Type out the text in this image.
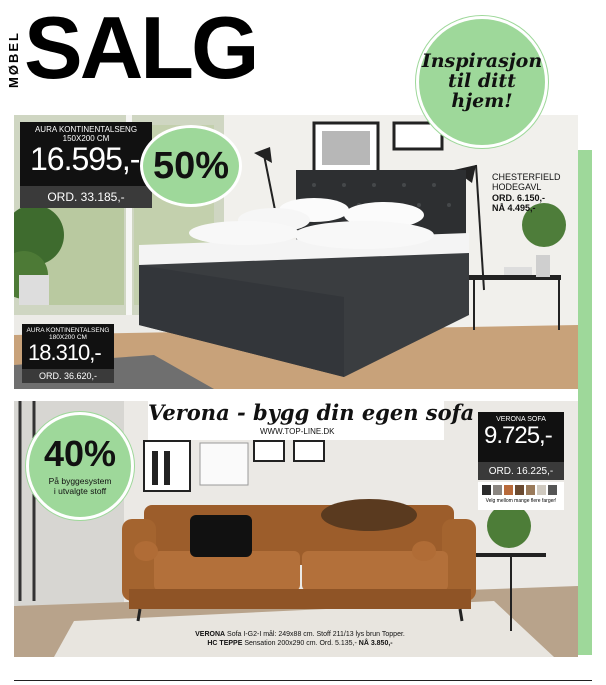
MØBEL SALG	Inspirasjon til ditt hjem!
AURA KONTINENTALSENG
150X200 CM
16.595,-
ORD. 33.185,-
50%
AURA KONTINENTALSENG
180X200 CM
18.310,-
ORD. 36.620,-
CHESTERFIELD
HODEGAVL
ORD. 6.150,-
NÅ 4.495,-
Verona - bygg din egen sofa
WWW.TOP-LINE.DK
40%
På byggesystem
i utvalgte stoff
VERONA SOFA
9.725,-
ORD. 16.225,-
Velg mellom mange flere farger!
VERONA Sofa I-G2-I mål: 249x88 cm. Stoff 211/13 lys brun Topper.
HC TEPPE Sensation 200x290 cm. Ord. 5.135,- NÅ 3.850,-
